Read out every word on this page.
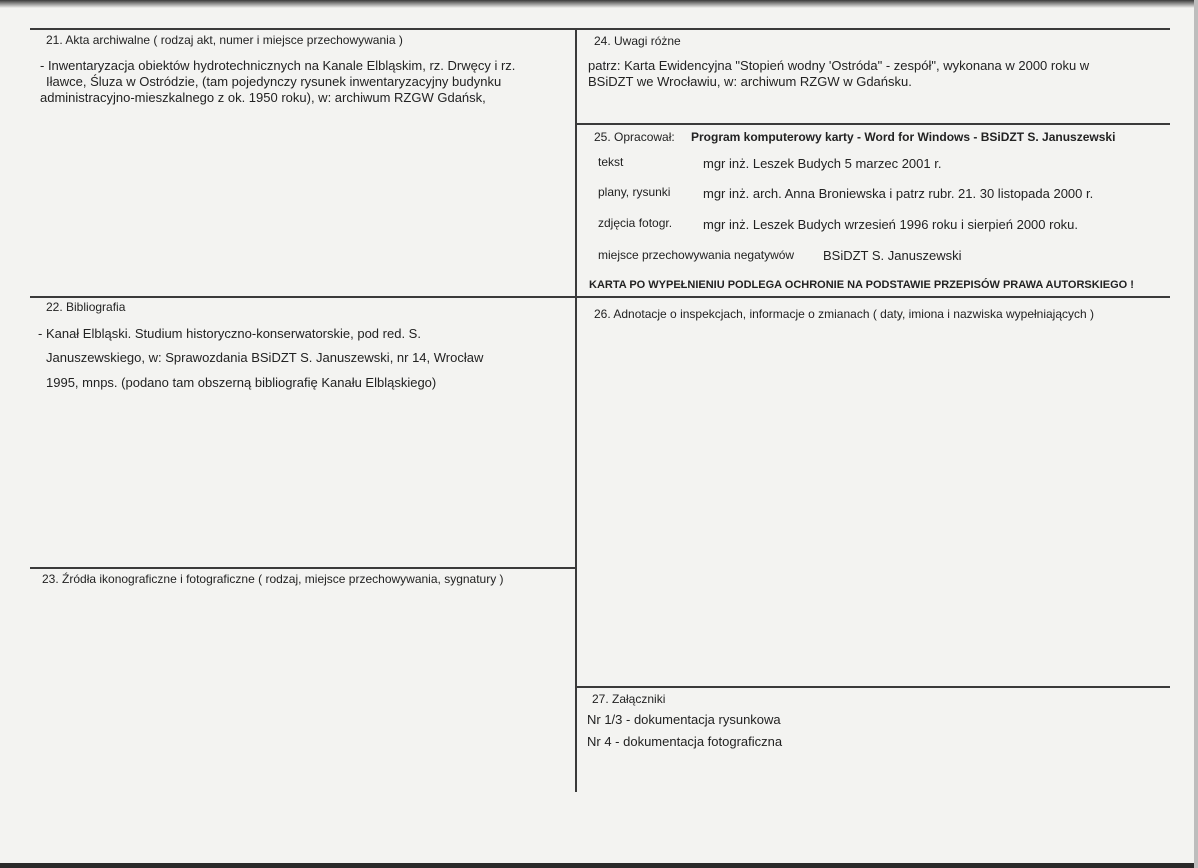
21. Akta archiwalne ( rodzaj akt, numer i miejsce przechowywania )
- Inwentaryzacja obiektów hydrotechnicznych na Kanale Elbląskim, rz. Drwęcy i rz.
Iławce, Śluza w Ostródzie, (tam pojedynczy rysunek inwentaryzacyjny budynku
administracyjno-mieszkalnego z ok. 1950 roku), w: archiwum RZGW Gdańsk,
22. Bibliografia
- Kanał Elbląski. Studium historyczno-konserwatorskie, pod red. S.
Januszewskiego, w: Sprawozdania BSiDZT S. Januszewski, nr 14, Wrocław
1995, mnps. (podano tam obszerną bibliografię Kanału Elbląskiego)
23. Źródła ikonograficzne i fotograficzne ( rodzaj, miejsce przechowywania, sygnatury )
24. Uwagi różne
patrz: Karta Ewidencyjna "Stopień wodny 'Ostróda" - zespół", wykonana w 2000 roku w
BSiDZT we Wrocławiu, w: archiwum RZGW w Gdańsku.
25. Opracował: Program komputerowy karty - Word for Windows - BSiDZT S. Januszewski
tekst	mgr inż. Leszek Budych 5 marzec 2001 r.
plany, rysunki	mgr inż. arch. Anna Broniewska i patrz rubr. 21. 30 listopada 2000 r.
zdjęcia fotogr. mgr inż. Leszek Budych wrzesień 1996 roku i sierpień 2000 roku.
miejsce przechowywania negatywów BSiDZT S. Januszewski
KARTA PO WYPEŁNIENIU PODLEGA OCHRONIE NA PODSTAWIE PRZEPISÓW PRAWA AUTORSKIEGO !
26. Adnotacje o inspekcjach, informacje o zmianach ( daty, imiona i nazwiska wypełniających )
27. Załączniki
Nr 1/3 - dokumentacja rysunkowa
Nr 4 - dokumentacja fotograficzna
